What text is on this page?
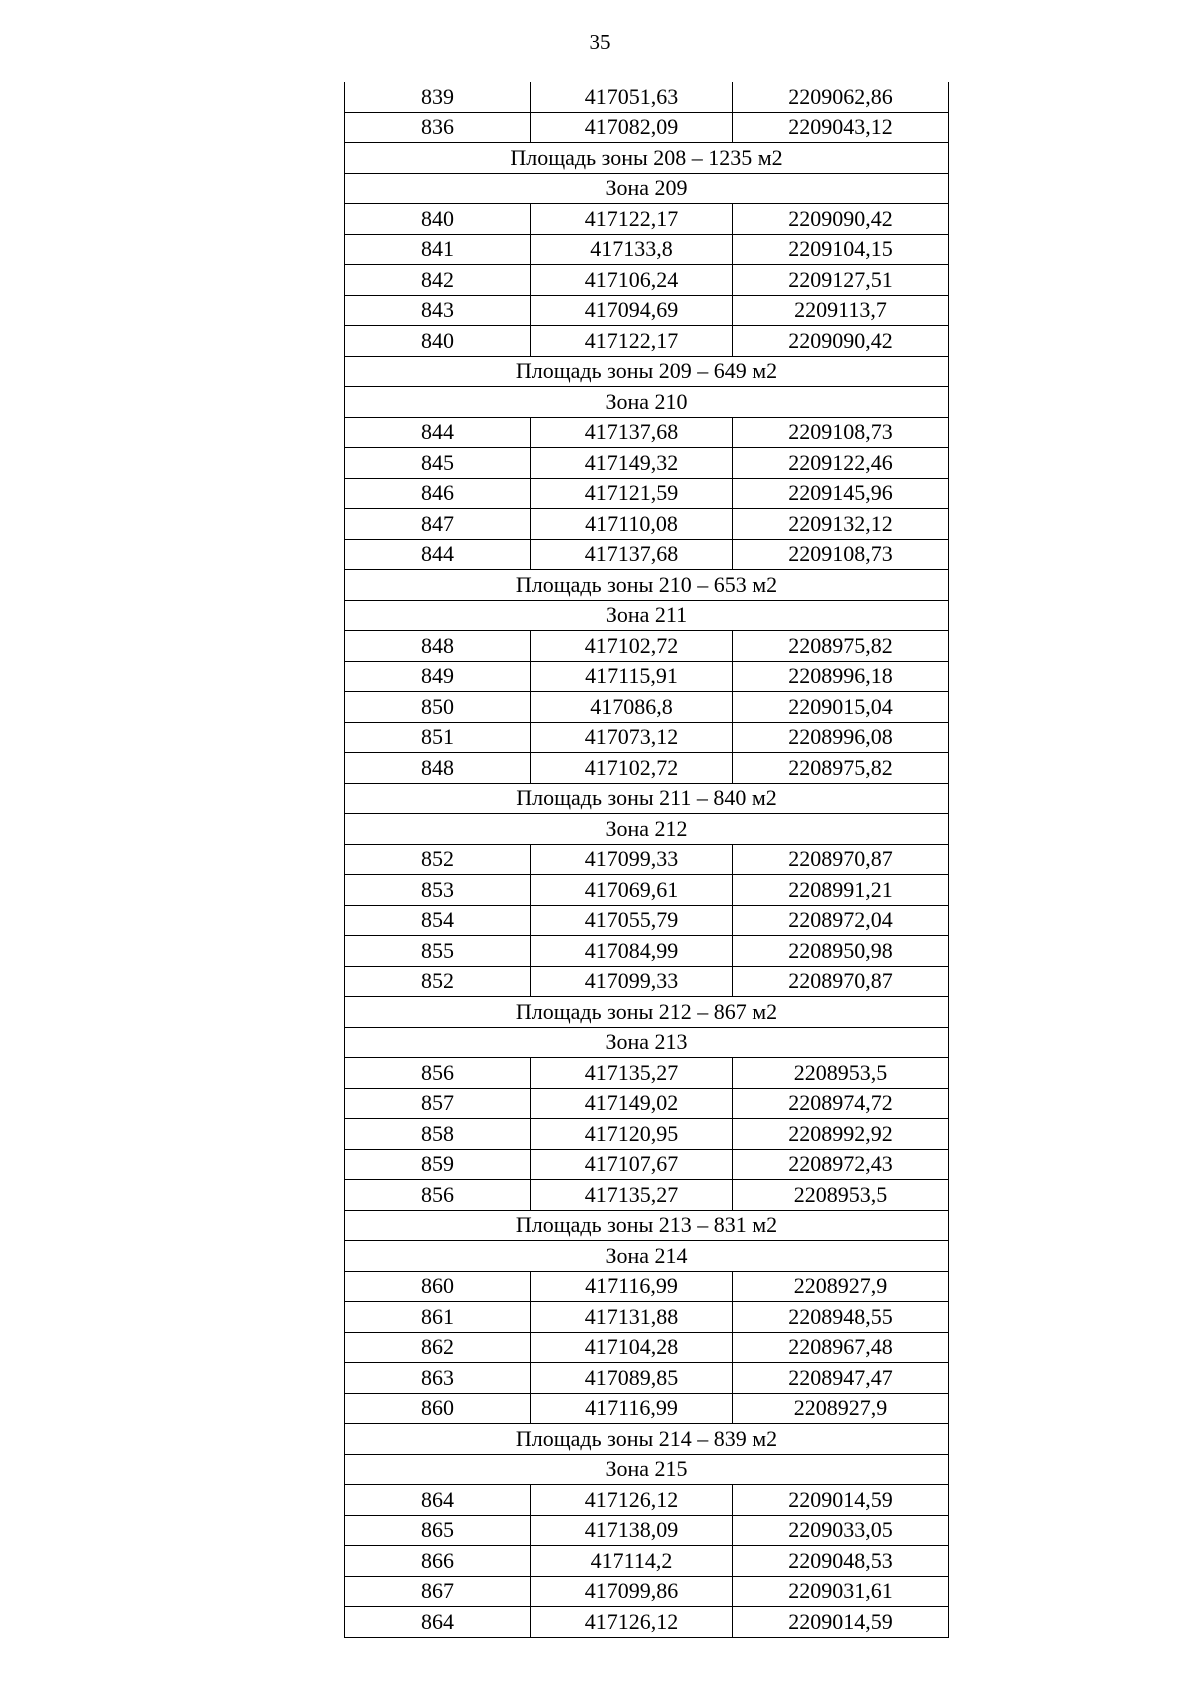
35
839	417051,63	2209062,86
836	417082,09	2209043,12
Площадь зоны 208 – 1235 м2		
Зона 209		
840	417122,17	2209090,42
841	417133,8	2209104,15
842	417106,24	2209127,51
843	417094,69	2209113,7
840	417122,17	2209090,42
Площадь зоны 209 – 649 м2		
Зона 210		
844	417137,68	2209108,73
845	417149,32	2209122,46
846	417121,59	2209145,96
847	417110,08	2209132,12
844	417137,68	2209108,73
Площадь зоны 210 – 653 м2		
Зона 211		
848	417102,72	2208975,82
849	417115,91	2208996,18
850	417086,8	2209015,04
851	417073,12	2208996,08
848	417102,72	2208975,82
Площадь зоны 211 – 840 м2		
Зона 212		
852	417099,33	2208970,87
853	417069,61	2208991,21
854	417055,79	2208972,04
855	417084,99	2208950,98
852	417099,33	2208970,87
Площадь зоны 212 – 867 м2		
Зона 213		
856	417135,27	2208953,5
857	417149,02	2208974,72
858	417120,95	2208992,92
859	417107,67	2208972,43
856	417135,27	2208953,5
Площадь зоны 213 – 831 м2		
Зона 214		
860	417116,99	2208927,9
861	417131,88	2208948,55
862	417104,28	2208967,48
863	417089,85	2208947,47
860	417116,99	2208927,9
Площадь зоны 214 – 839 м2		
Зона 215		
864	417126,12	2209014,59
865	417138,09	2209033,05
866	417114,2	2209048,53
867	417099,86	2209031,61
864	417126,12	2209014,59
